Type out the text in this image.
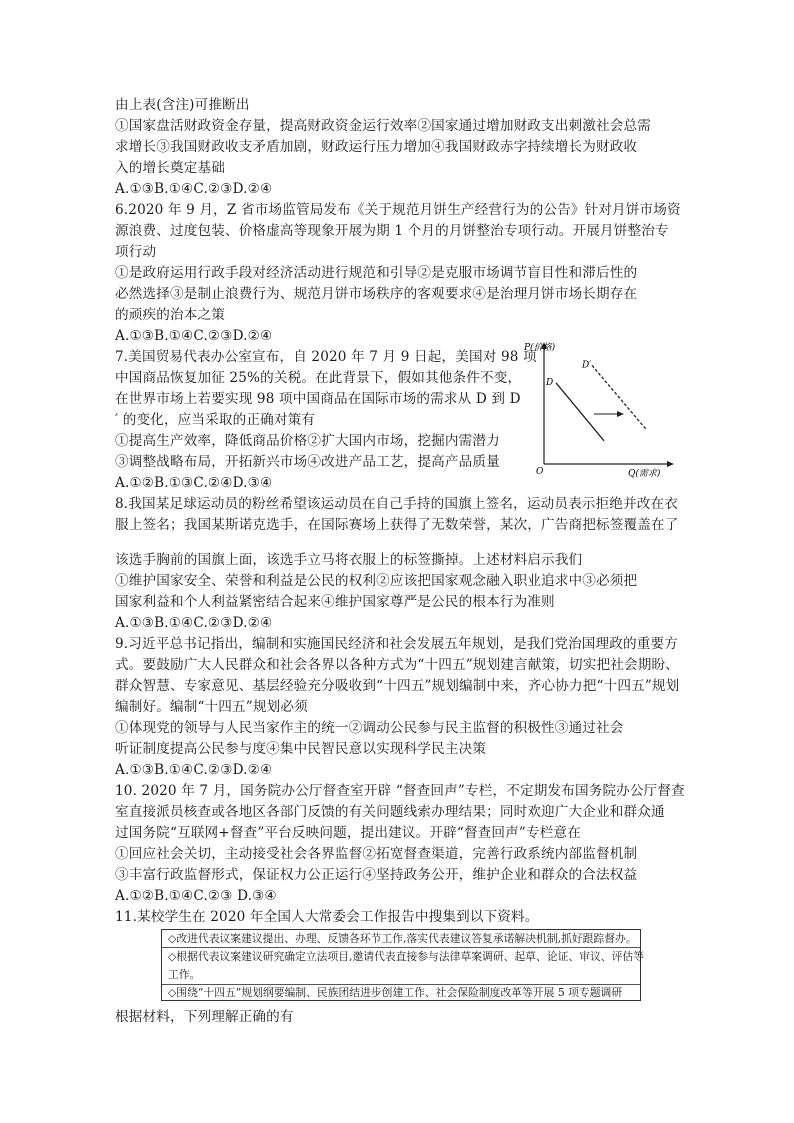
由上表(含注)可推断出
①国家盘活财政资金存量，提高财政资金运行效率②国家通过增加财政支出刺激社会总需
求增长③我国财政收支矛盾加剧，财政运行压力增加④我国财政赤字持续增长为财政收
入的增长奠定基础
A.①③B.①④C.②③D.②④
6.2020 年 9 月，Z 省市场监管局发布《关于规范月饼生产经营行为的公告》针对月饼市场资
源浪费、过度包装、价格虚高等现象开展为期 1 个月的月饼整治专项行动。开展月饼整治专
项行动
①是政府运用行政手段对经济活动进行规范和引导②是克服市场调节盲目性和滞后性的
必然选择③是制止浪费行为、规范月饼市场秩序的客观要求④是治理月饼市场长期存在
的顽疾的治本之策
A.①③B.①④C.②③D.②④
7.美国贸易代表办公室宣布，自 2020 年 7 月 9 日起，美国对 98 项
中国商品恢复加征 25%的关税。在此背景下，假如其他条件不变，
在世界市场上若要实现 98 项中国商品在国际市场的需求从 D 到 D
′ 的变化，应当采取的正确对策有
①提高生产效率，降低商品价格②扩大国内市场，挖掘内需潜力
③调整战略布局，开拓新兴市场④改进产品工艺，提高产品质量
A.①②B.①③C.②④D.③④
8.我国某足球运动员的粉丝希望该运动员在自己手持的国旗上签名，运动员表示拒绝并改在衣
服上签名；我国某斯诺克选手，在国际赛场上获得了无数荣誉，某次，广告商把标签覆盖在了
该选手胸前的国旗上面，该选手立马将衣服上的标签撕掉。上述材料启示我们
①维护国家安全、荣誉和利益是公民的权利②应该把国家观念融入职业追求中③必须把
国家利益和个人利益紧密结合起来④维护国家尊严是公民的根本行为准则
A.①③B.①④C.②③D.②④
9.习近平总书记指出，编制和实施国民经济和社会发展五年规划，是我们党治国理政的重要方
式。要鼓励广大人民群众和社会各界以各种方式为“十四五”规划建言献策，切实把社会期盼、
群众智慧、专家意见、基层经验充分吸收到“十四五”规划编制中来，齐心协力把“十四五”规划
编制好。编制“十四五”规划必须
①体现党的领导与人民当家作主的统一②调动公民参与民主监督的积极性③通过社会
听证制度提高公民参与度④集中民智民意以实现科学民主决策
A.①③B.①④C.②③D.②④
10. 2020 年 7 月，国务院办公厅督查室开辟 “督查回声”专栏，不定期发布国务院办公厅督查
室直接派员核查或各地区各部门反馈的有关问题线索办理结果；同时欢迎广大企业和群众通
过国务院“互联网+督查”平台反映问题，提出建议。开辟“督查回声”专栏意在
①回应社会关切，主动接受社会各界监督②拓宽督查渠道，完善行政系统内部监督机制
③丰富行政监督形式，保证权力公正运行④坚持政务公开，维护企业和群众的合法权益
A.①②B.①④C.②③ D.③④
11.某校学生在 2020 年全国人大常委会工作报告中搜集到以下资料。
◇改进代表议案建议提出、办理、反馈各环节工作,落实代表建议答复承诺解决机制,抓好跟踪督办。
◇根据代表议案建议研究确定立法项目,邀请代表直接参与法律草案调研、起草、论证、审议、评估等
工作。
◇围绕“十四五”规划纲要编制、民族团结进步创建工作、社会保险制度改革等开展 5 项专题调研
根据材料，下列理解正确的有
P(价格)
Q(需求)
O
D
D′
